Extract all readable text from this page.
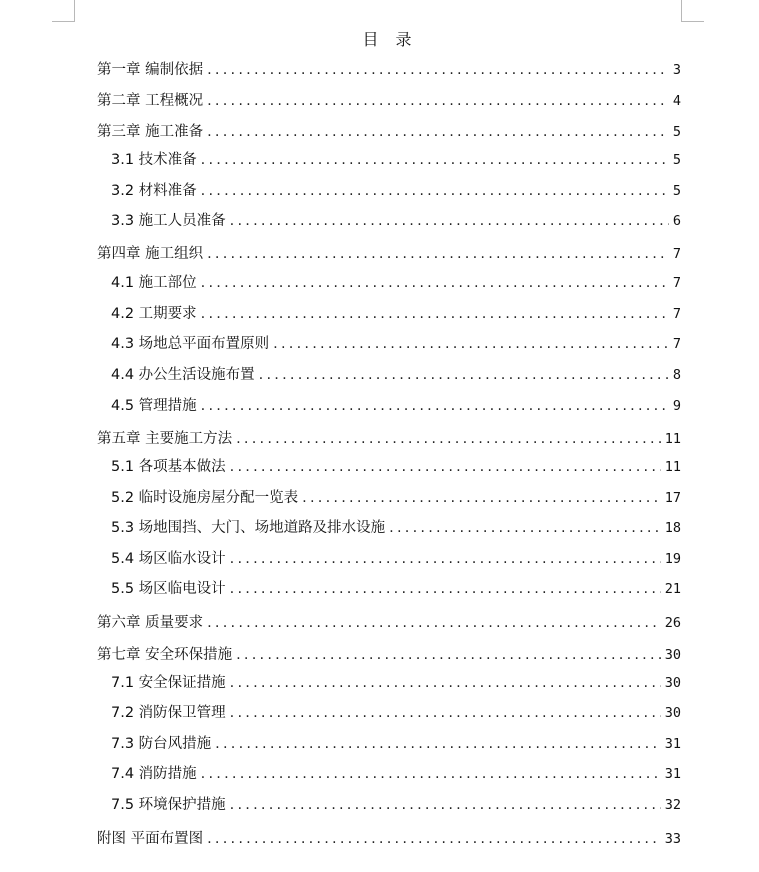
目 录
第一章 编制依据 .....	3
第二章 工程概况 .....	4
第三章 施工准备 .....	5
3.1 技术准备 .....	5
3.2 材料准备 .....	5
3.3 施工人员准备 .....	6
第四章 施工组织 .....	7
4.1 施工部位 .....	7
4.2 工期要求 .....	7
4.3 场地总平面布置原则 .....	7
4.4 办公生活设施布置 .....	8
4.5 管理措施 .....	9
第五章 主要施工方法 .....	11
5.1 各项基本做法 .....	11
5.2 临时设施房屋分配一览表 .....	17
5.3 场地围挡、大门、场地道路及排水设施 .....	18
5.4 场区临水设计 .....	19
5.5 场区临电设计 .....	21
第六章 质量要求 .....	26
第七章 安全环保措施 .....	30
7.1 安全保证措施 .....	30
7.2 消防保卫管理 .....	30
7.3 防台风措施 .....	31
7.4 消防措施 .....	31
7.5 环境保护措施 .....	32
附图 平面布置图 .....	33
